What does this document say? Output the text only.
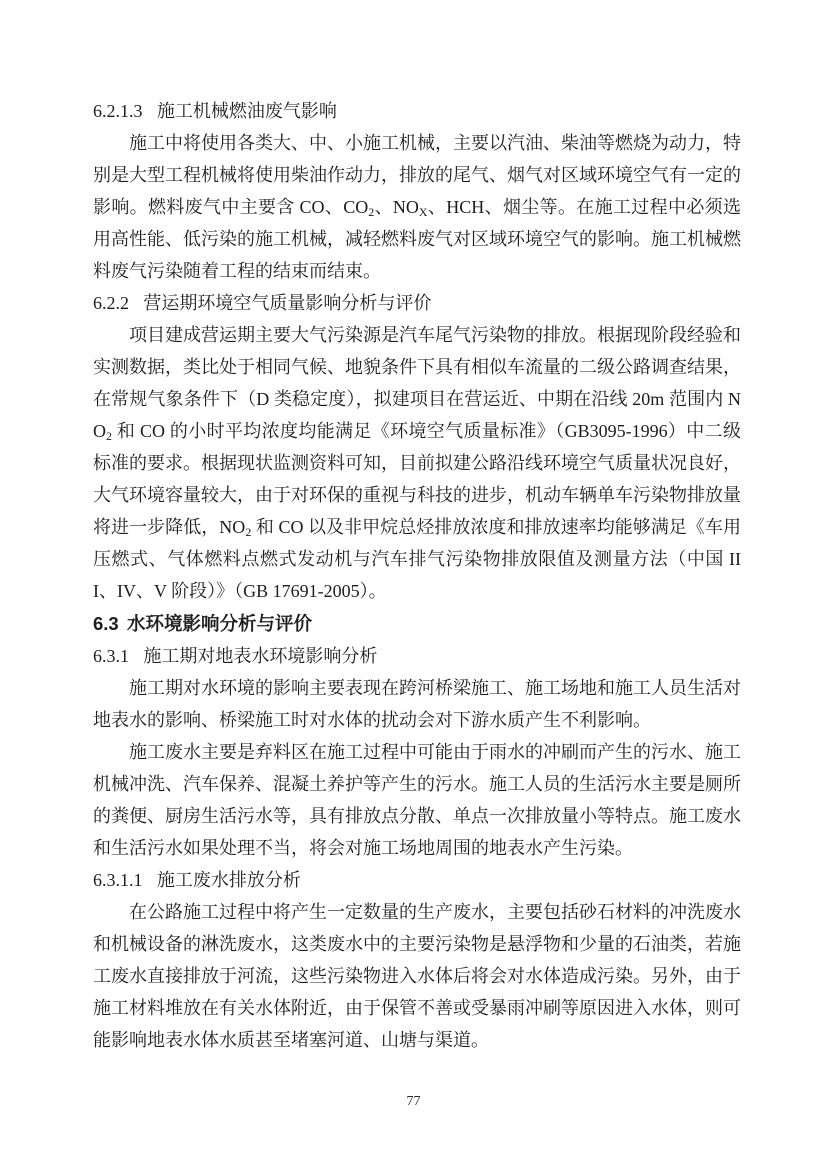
6.2.1.3 施工机械燃油废气影响

施工中将使用各类大、中、小施工机械，主要以汽油、柴油等燃烧为动力，特别是大型工程机械将使用柴油作动力，排放的尾气、烟气对区域环境空气有一定的影响。燃料废气中主要含 CO、$CO_2$、$NO_X$、HCH、烟尘等。在施工过程中必须选用高性能、低污染的施工机械，减轻燃料废气对区域环境空气的影响。施工机械燃料废气污染随着工程的结束而结束。

6.2.2 营运期环境空气质量影响分析与评价

项目建成营运期主要大气污染源是汽车尾气污染物的排放。根据现阶段经验和实测数据，类比处于相同气候、地貌条件下具有相似车流量的二级公路调查结果，在常规气象条件下（D 类稳定度），拟建项目在营运近、中期在沿线 20m 范围内 $NO_2$ 和 CO 的小时平均浓度均能满足《环境空气质量标准》（GB3095-1996）中二级标准的要求。根据现状监测资料可知，目前拟建公路沿线环境空气质量状况良好，大气环境容量较大，由于对环保的重视与科技的进步，机动车辆单车污染物排放量将进一步降低，$NO_2$ 和 CO 以及非甲烷总烃排放浓度和排放速率均能够满足《车用压燃式、气体燃料点燃式发动机与汽车排气污染物排放限值及测量方法（中国 III、IV、V 阶段）》（GB 17691-2005）。

6.3 水环境影响分析与评价
6.3.1 施工期对地表水环境影响分析

施工期对水环境的影响主要表现在跨河桥梁施工、施工场地和施工人员生活对地表水的影响、桥梁施工时对水体的扰动会对下游水质产生不利影响。

施工废水主要是弃料区在施工过程中可能由于雨水的冲刷而产生的污水、施工机械冲洗、汽车保养、混凝土养护等产生的污水。施工人员的生活污水主要是厕所的粪便、厨房生活污水等，具有排放点分散、单点一次排放量小等特点。施工废水和生活污水如果处理不当，将会对施工场地周围的地表水产生污染。

6.3.1.1 施工废水排放分析

在公路施工过程中将产生一定数量的生产废水，主要包括砂石材料的冲洗废水和机械设备的淋洗废水，这类废水中的主要污染物是悬浮物和少量的石油类，若施工废水直接排放于河流，这些污染物进入水体后将会对水体造成污染。另外，由于施工材料堆放在有关水体附近，由于保管不善或受暴雨冲刷等原因进入水体，则可能影响地表水体水质甚至堵塞河道、山塘与渠道。

77
